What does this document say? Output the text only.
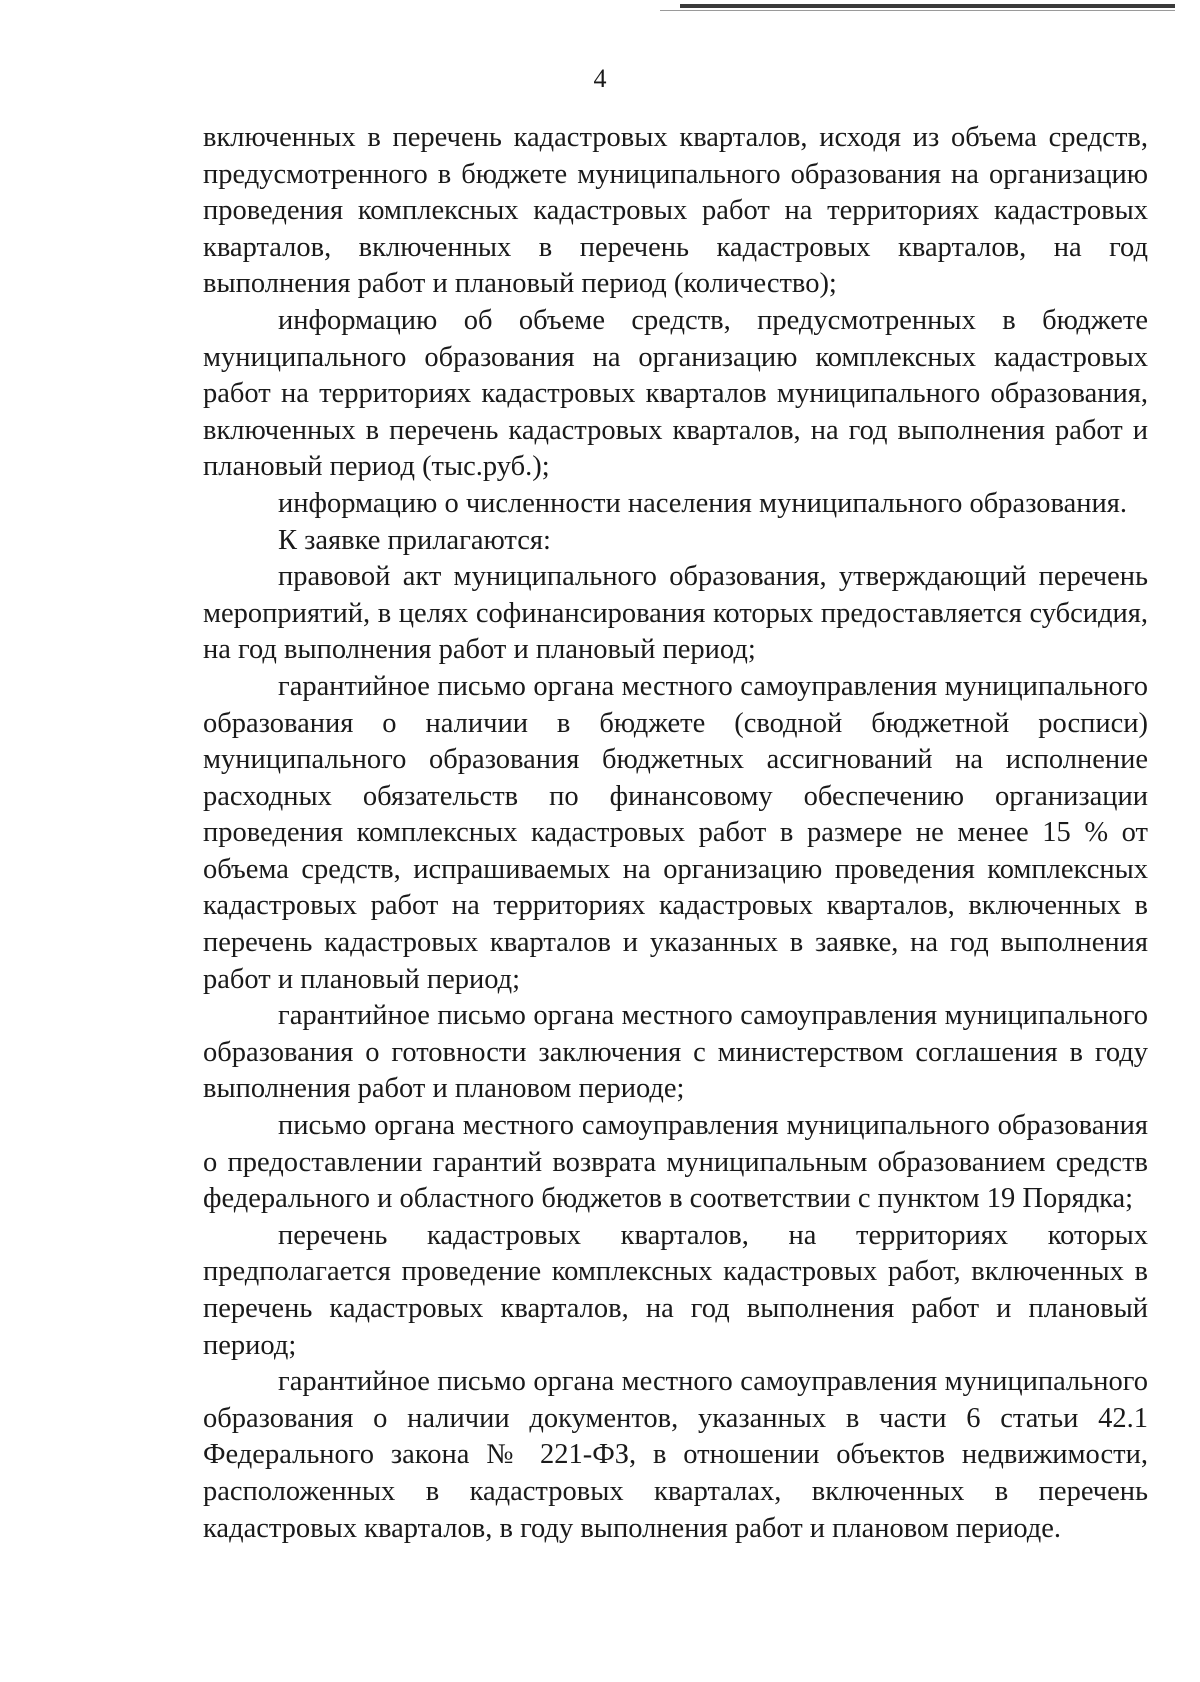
4

включенных в перечень кадастровых кварталов, исходя из объема средств, предусмотренного в бюджете муниципального образования на организацию проведения комплексных кадастровых работ на территориях кадастровых кварталов, включенных в перечень кадастровых кварталов, на год выполнения работ и плановый период (количество);

информацию об объеме средств, предусмотренных в бюджете муниципального образования на организацию комплексных кадастровых работ на территориях кадастровых кварталов муниципального образования, включенных в перечень кадастровых кварталов, на год выполнения работ и плановый период (тыс.руб.);

информацию о численности населения муниципального образования.

К заявке прилагаются:

правовой акт муниципального образования, утверждающий перечень мероприятий, в целях софинансирования которых предоставляется субсидия, на год выполнения работ и плановый период;

гарантийное письмо органа местного самоуправления муниципального образования о наличии в бюджете (сводной бюджетной росписи) муниципального образования бюджетных ассигнований на исполнение расходных обязательств по финансовому обеспечению организации проведения комплексных кадастровых работ в размере не менее 15 % от объема средств, испрашиваемых на организацию проведения комплексных кадастровых работ на территориях кадастровых кварталов, включенных в перечень кадастровых кварталов и указанных в заявке, на год выполнения работ и плановый период;

гарантийное письмо органа местного самоуправления муниципального образования о готовности заключения с министерством соглашения в году выполнения работ и плановом периоде;

письмо органа местного самоуправления муниципального образования о предоставлении гарантий возврата муниципальным образованием средств федерального и областного бюджетов в соответствии с пунктом 19 Порядка;

перечень кадастровых кварталов, на территориях которых предполагается проведение комплексных кадастровых работ, включенных в перечень кадастровых кварталов, на год выполнения работ и плановый период;

гарантийное письмо органа местного самоуправления муниципального образования о наличии документов, указанных в части 6 статьи 42.1 Федерального закона № 221-ФЗ, в отношении объектов недвижимости, расположенных в кадастровых кварталах, включенных в перечень кадастровых кварталов, в году выполнения работ и плановом периоде.
